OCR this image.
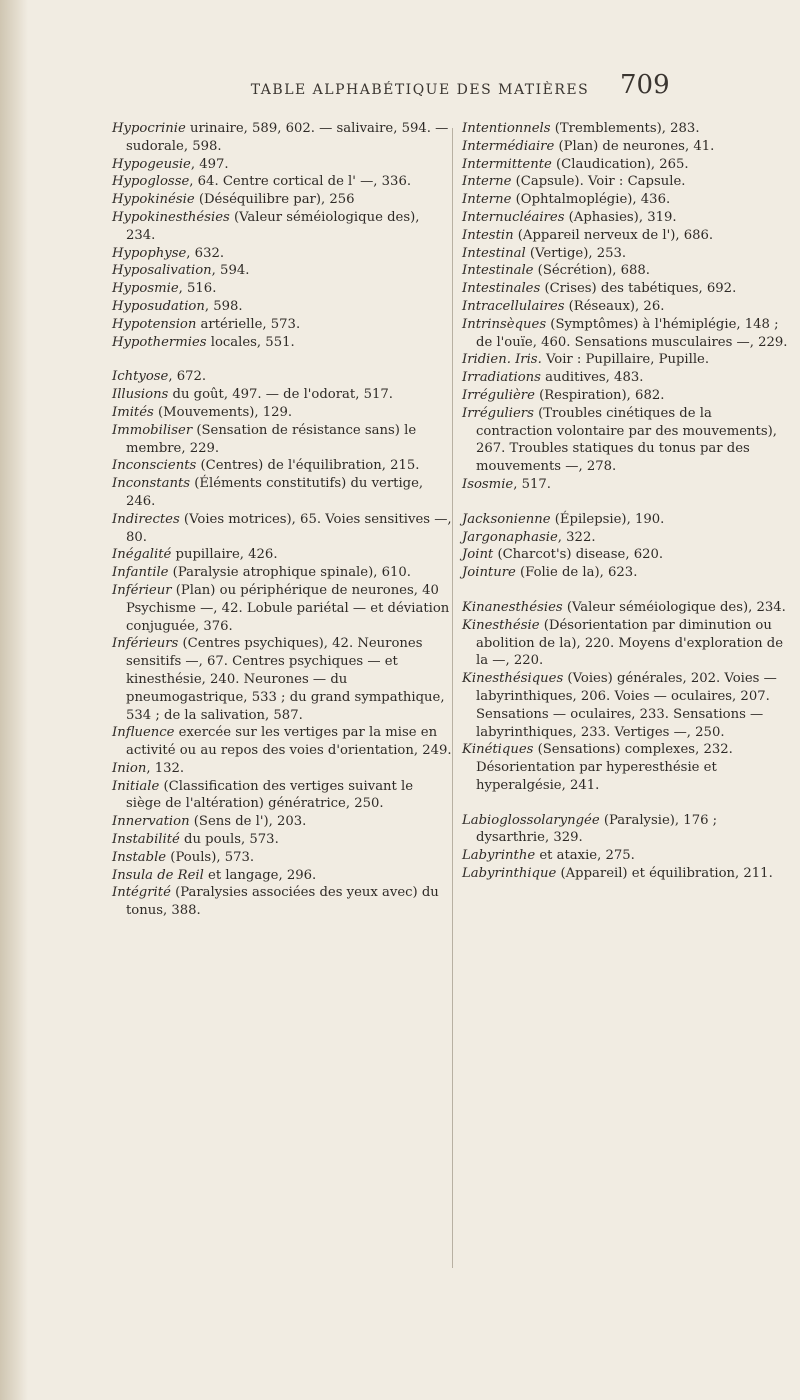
TABLE ALPHABÉTIQUE DES MATIÈRES	709

Hypocrinie urinaire, 589, 602. — salivaire, 594. — sudorale, 598.

Hypogeusie, 497.

Hypoglosse, 64. Centre cortical de l' —, 336.

Hypokinésie (Déséquilibre par), 256

Hypokinesthésies (Valeur séméiologique des), 234.

Hypophyse, 632.

Hyposalivation, 594.

Hyposmie, 516.

Hyposudation, 598.

Hypotension artérielle, 573.

Hypothermies locales, 551.

Ichtyose, 672.

Illusions du goût, 497. — de l'odorat, 517.

Imités (Mouvements), 129.

Immobiliser (Sensation de résistance sans) le membre, 229.

Inconscients (Centres) de l'équilibration, 215.

Inconstants (Éléments constitutifs) du vertige, 246.

Indirectes (Voies motrices), 65. Voies sensitives —, 80.

Inégalité pupillaire, 426.

Infantile (Paralysie atrophique spinale), 610.

Inférieur (Plan) ou périphérique de neurones, 40 Psychisme —, 42. Lobule pariétal — et déviation conjuguée, 376.

Inférieurs (Centres psychiques), 42. Neurones sensitifs —, 67. Centres psychiques — et kinesthésie, 240. Neurones — du pneumogastrique, 533 ; du grand sympathique, 534 ; de la salivation, 587.

Influence exercée sur les vertiges par la mise en activité ou au repos des voies d'orientation, 249.

Inion, 132.

Initiale (Classification des vertiges suivant le siège de l'altération) génératrice, 250.

Innervation (Sens de l'), 203.

Instabilité du pouls, 573.

Instable (Pouls), 573.

Insula de Reil et langage, 296.

Intégrité (Paralysies associées des yeux avec) du tonus, 388.

Intentionnels (Tremblements), 283.

Intermédiaire (Plan) de neurones, 41.

Intermittente (Claudication), 265.

Interne (Capsule). Voir : Capsule.

Interne (Ophtalmoplégie), 436.

Internucléaires (Aphasies), 319.

Intestin (Appareil nerveux de l'), 686.

Intestinal (Vertige), 253.

Intestinale (Sécrétion), 688.

Intestinales (Crises) des tabétiques, 692.

Intracellulaires (Réseaux), 26.

Intrinsèques (Symptômes) à l'hémiplégie, 148 ; de l'ouïe, 460. Sensations musculaires —, 229.

Iridien. Iris. Voir : Pupillaire, Pupille.

Irradiations auditives, 483.

Irrégulière (Respiration), 682.

Irréguliers (Troubles cinétiques de la contraction volontaire par des mouvements), 267. Troubles statiques du tonus par des mouvements —, 278.

Isosmie, 517.

Jacksonienne (Épilepsie), 190.

Jargonaphasie, 322.

Joint (Charcot's) disease, 620.

Jointure (Folie de la), 623.

Kinanesthésies (Valeur séméiologique des), 234.

Kinesthésie (Désorientation par diminution ou abolition de la), 220. Moyens d'exploration de la —, 220.

Kinesthésiques (Voies) générales, 202. Voies — labyrinthiques, 206. Voies — oculaires, 207. Sensations — oculaires, 233. Sensations — labyrinthiques, 233. Vertiges —, 250.

Kinétiques (Sensations) complexes, 232. Désorientation par hyperesthésie et hyperalgésie, 241.

Labioglossolaryngée (Paralysie), 176 ; dysarthrie, 329.

Labyrinthe et ataxie, 275.

Labyrinthique (Appareil) et équilibration, 211.
